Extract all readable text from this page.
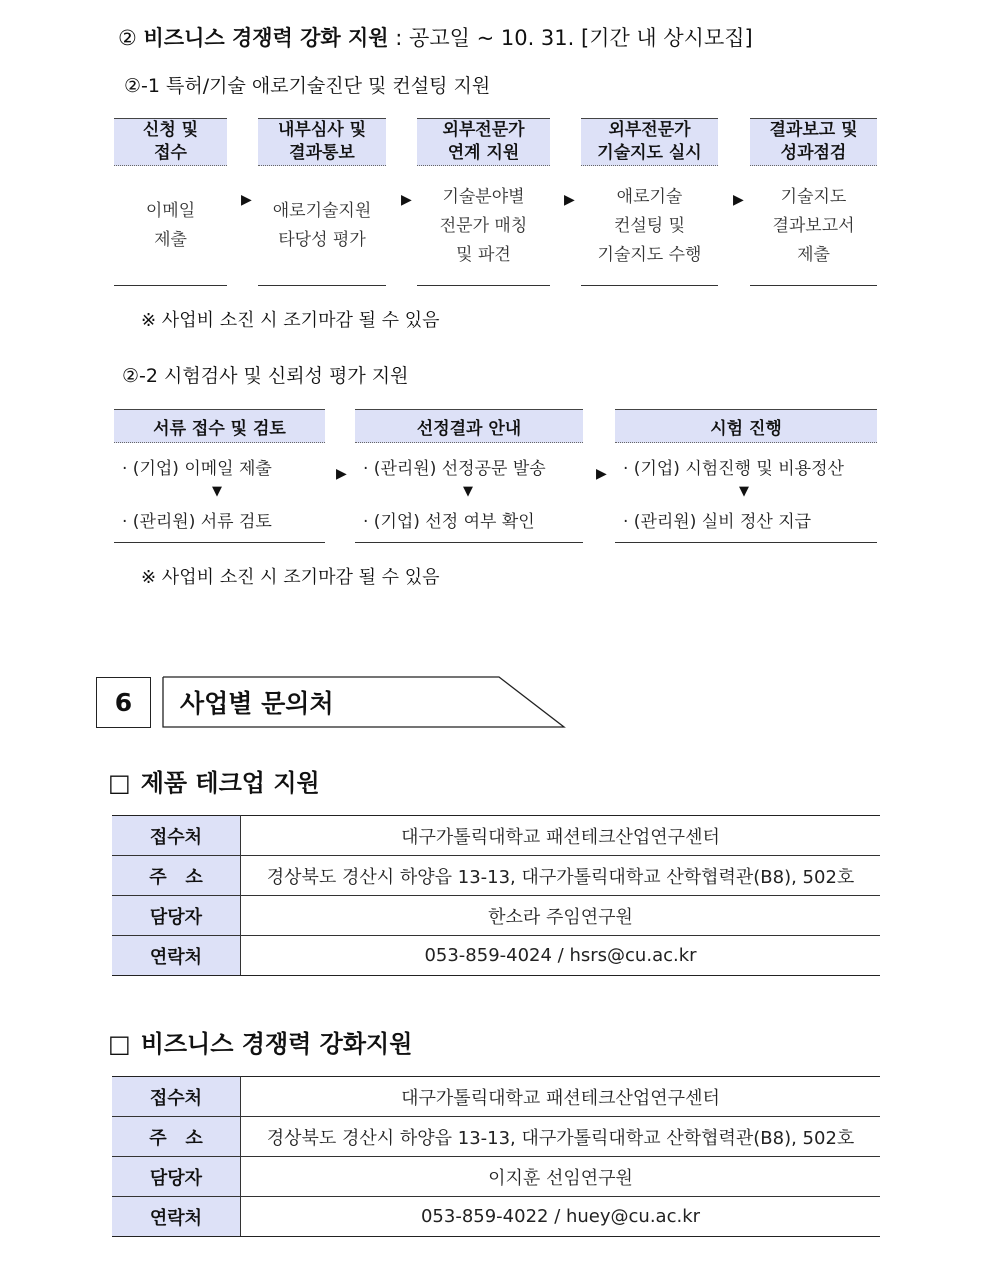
② 비즈니스 경쟁력 강화 지원 : 공고일 ~ 10. 31. [기간 내 상시모집]
②-1 특허/기술 애로기술진단 및 컨설팅 지원
신청 및
접수
이메일
제출
▶
내부심사 및
결과통보
애로기술지원
타당성 평가
▶
외부전문가
연계 지원
기술분야별
전문가 매칭
및 파견
▶
외부전문가
기술지도 실시
애로기술
컨설팅 및
기술지도 수행
▶
결과보고 및
성과점검
기술지도
결과보고서
제출
※ 사업비 소진 시 조기마감 될 수 있음
②-2 시험검사 및 신뢰성 평가 지원
서류 접수 및 검토
· (기업) 이메일 제출
▼
· (관리원) 서류 검토
▶
선정결과 안내
· (관리원) 선정공문 발송
▼
· (기업) 선정 여부 확인
▶
시험 진행
· (기업) 시험진행 및 비용정산
▼
· (관리원) 실비 정산 지급
※ 사업비 소진 시 조기마감 될 수 있음
6	사업별 문의처
□ 제품 테크업 지원
접수처	대구가톨릭대학교 패션테크산업연구센터
주   소	경상북도 경산시 하양읍 13-13, 대구가톨릭대학교 산학협력관(B8), 502호
담당자	한소라 주임연구원
연락처	053-859-4024 / hsrs@cu.ac.kr
□ 비즈니스 경쟁력 강화지원
접수처	대구가톨릭대학교 패션테크산업연구센터
주   소	경상북도 경산시 하양읍 13-13, 대구가톨릭대학교 산학협력관(B8), 502호
담당자	이지훈 선임연구원
연락처	053-859-4022 / huey@cu.ac.kr
